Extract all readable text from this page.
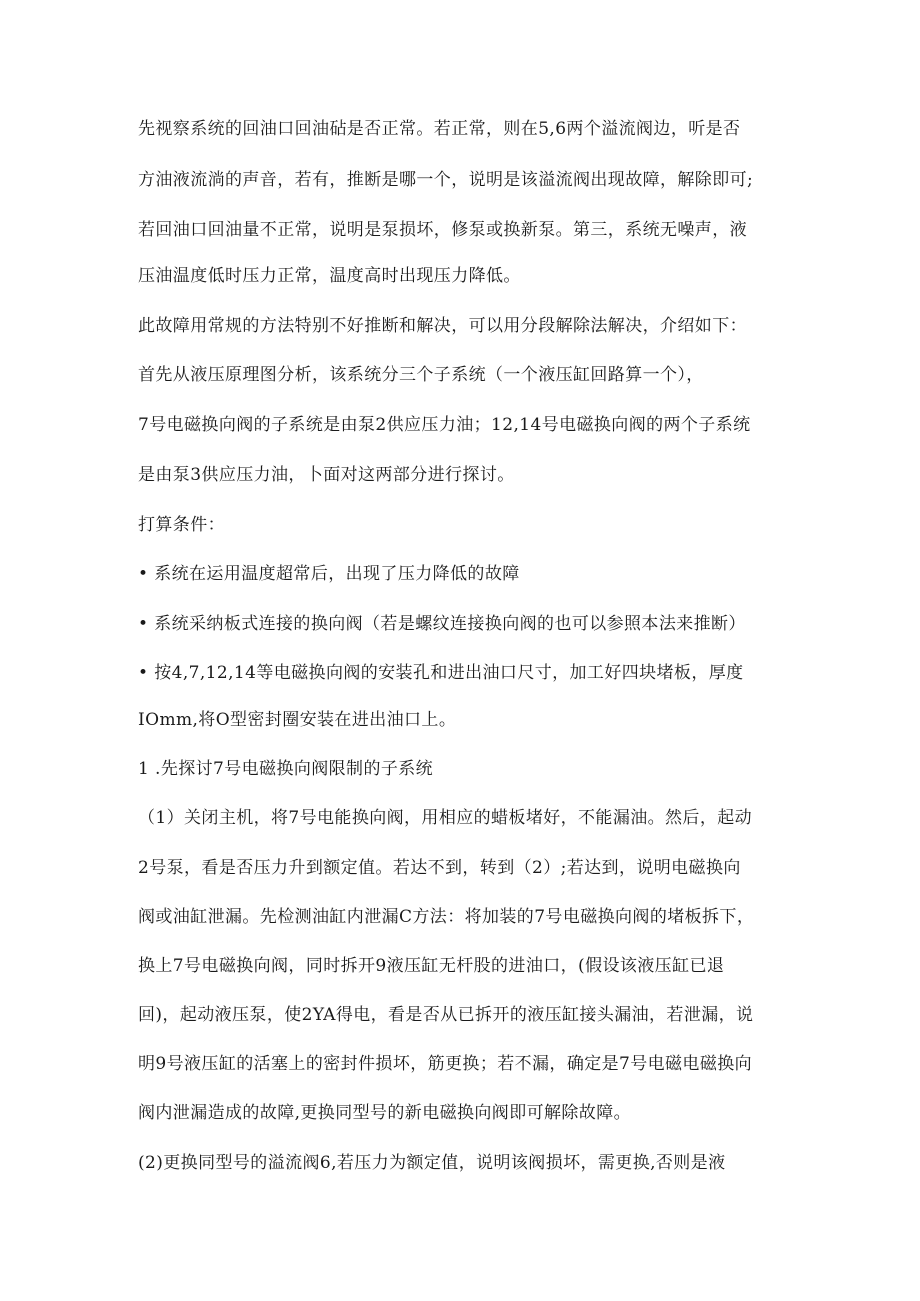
先视察系统的回油口回油砧是否正常。若正常，则在5,6两个溢流阀边，听是否
方油液流淌的声音，若有，推断是哪一个，说明是该溢流阀出现故障，解除即可;
若回油口回油量不正常，说明是泵损坏，修泵或换新泵。第三，系统无噪声，液
压油温度低时压力正常，温度高时出现压力降低。
此故障用常规的方法特别不好推断和解决，可以用分段解除法解决，介绍如下：
首先从液压原理图分析，该系统分三个子系统（一个液压缸回路算一个），
7号电磁换向阀的子系统是由泵2供应压力油；12,14号电磁换向阀的两个子系统
是由泵3供应压力油，卜面对这两部分进行探讨。
打算条件：
• 系统在运用温度超常后，出现了压力降低的故障
• 系统采纳板式连接的换向阀（若是螺纹连接换向阀的也可以参照本法来推断）
• 按4,7,12,14等电磁换向阀的安装孔和进出油口尺寸，加工好四块堵板，厚度
IOmm,将O型密封圈安装在进出油口上。
1 .先探讨7号电磁换向阀限制的子系统
（1）关闭主机，将7号电能换向阀，用相应的蜡板堵好，不能漏油。然后，起动
2号泵，看是否压力升到额定值。若达不到，转到（2）;若达到，说明电磁换向
阀或油缸泄漏。先检测油缸内泄漏C方法：将加装的7号电磁换向阀的堵板拆下，
换上7号电磁换向阀，同时拆开9液压缸无杆股的进油口，(假设该液压缸已退
回)，起动液压泵，使2YA得电，看是否从已拆开的液压缸接头漏油，若泄漏，说
明9号液压缸的活塞上的密封件损坏，筋更换；若不漏，确定是7号电磁电磁换向
阀内泄漏造成的故障,更换同型号的新电磁换向阀即可解除故障。
(2)更换同型号的溢流阀6,若压力为额定值，说明该阀损坏，需更换,否则是液
